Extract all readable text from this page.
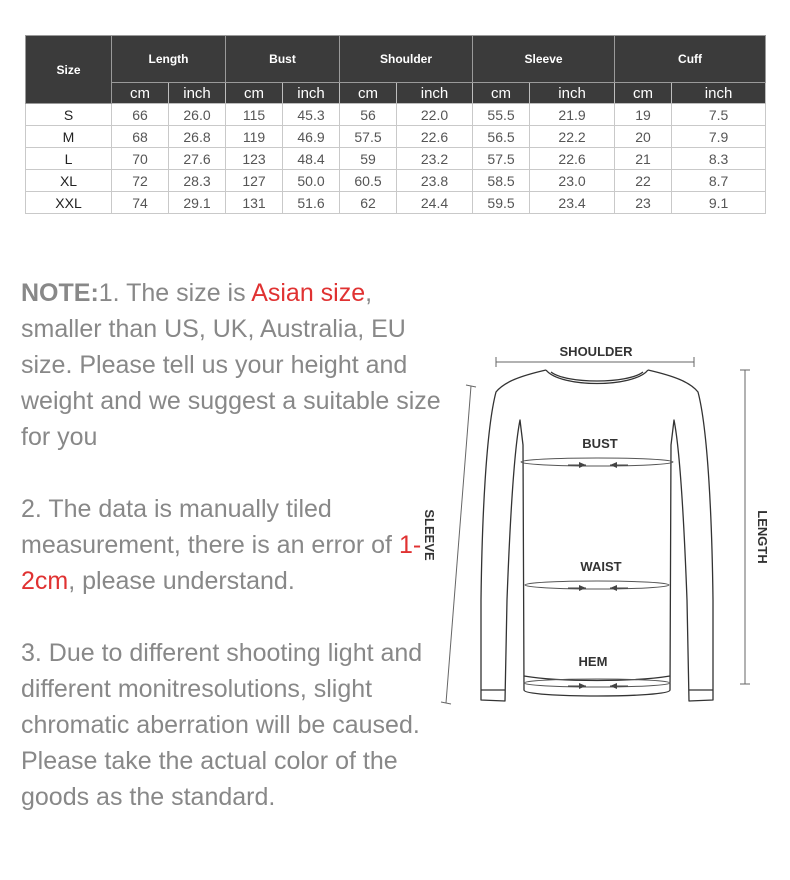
Size	Length		Bust		Shoulder		Sleeve		Cuff	
	cm	inch	cm	inch	cm	inch	cm	inch	cm	inch
S	66	26.0	115	45.3	56	22.0	55.5	21.9	19	7.5
M	68	26.8	119	46.9	57.5	22.6	56.5	22.2	20	7.9
L	70	27.6	123	48.4	59	23.2	57.5	22.6	21	8.3
XL	72	28.3	127	50.0	60.5	23.8	58.5	23.0	22	8.7
XXL	74	29.1	131	51.6	62	24.4	59.5	23.4	23	9.1

NOTE:1. The size is Asian size, smaller than US, UK, Australia, EU size. Please tell us your height and weight and we suggest a suitable size for you

2. The data is manually tiled measurement, there is an error of 1-2cm, please understand.

3. Due to different shooting light and different monitresolutions, slight chromatic aberration will be caused. Please take the actual color of the goods as the standard.

SHOULDER
BUST
WAIST
HEM
SLEEVE	LENGTH
